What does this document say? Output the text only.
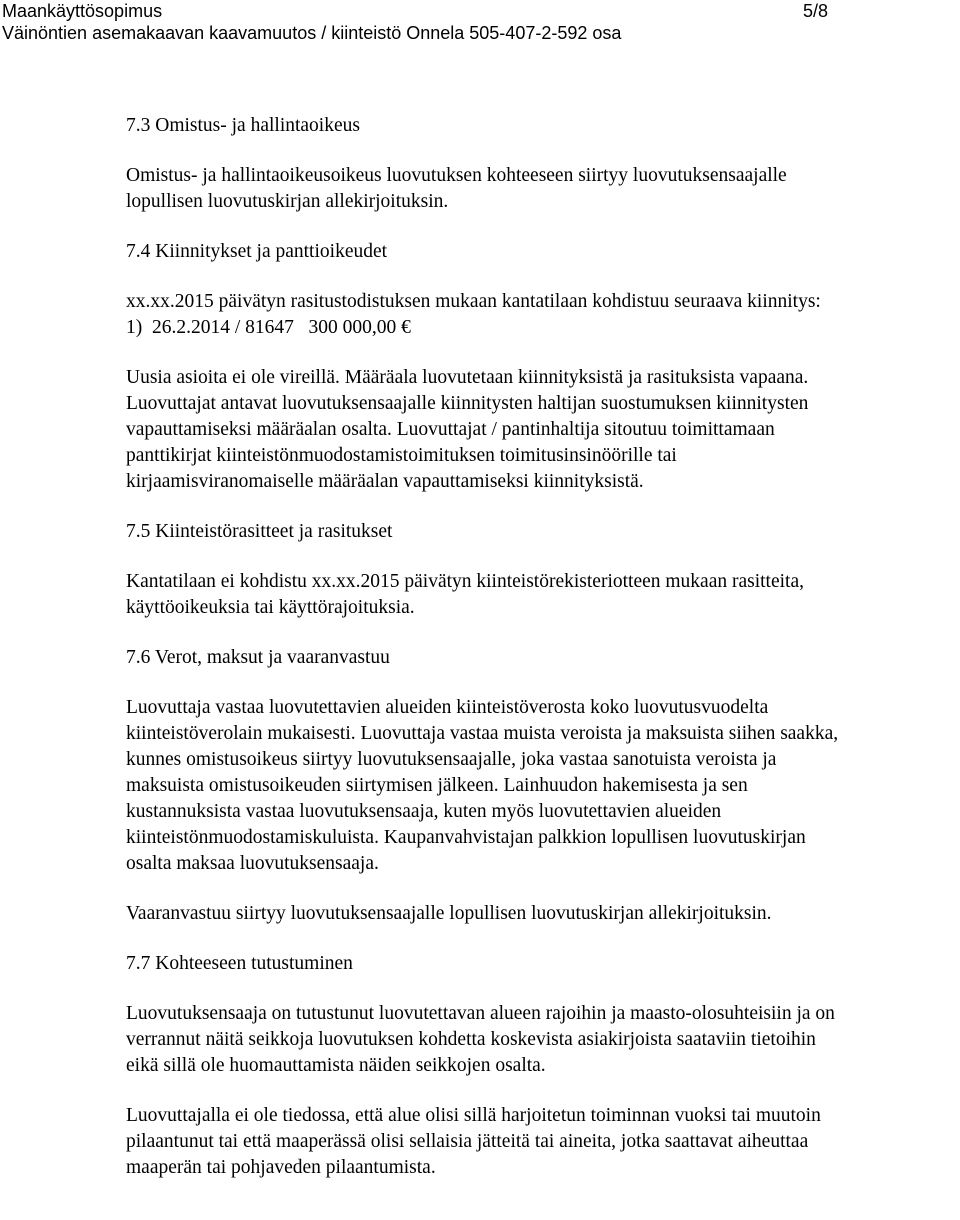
Maankäyttösopimus
Väinöntien asemakaavan kaavamuutos / kiinteistö Onnela 505-407-2-592 osa
5/8

7.3 Omistus- ja hallintaoikeus

Omistus- ja hallintaoikeusoikeus luovutuksen kohteeseen siirtyy luovutuksensaajalle
lopullisen luovutuskirjan allekirjoituksin.

7.4 Kiinnitykset ja panttioikeudet

xx.xx.2015 päivätyn rasitustodistuksen mukaan kantatilaan kohdistuu seuraava kiinnitys:
1)  26.2.2014 / 81647   300 000,00 €

Uusia asioita ei ole vireillä. Määräala luovutetaan kiinnityksistä ja rasituksista vapaana.
Luovuttajat antavat luovutuksensaajalle kiinnitysten haltijan suostumuksen kiinnitysten
vapauttamiseksi määräalan osalta. Luovuttajat / pantinhaltija sitoutuu toimittamaan
panttikirjat kiinteistönmuodostamistoimituksen toimitusinsinöörille tai
kirjaamisviranomaiselle määräalan vapauttamiseksi kiinnityksistä.

7.5 Kiinteistörasitteet ja rasitukset

Kantatilaan ei kohdistu xx.xx.2015 päivätyn kiinteistörekisteriotteen mukaan rasitteita,
käyttöoikeuksia tai käyttörajoituksia.

7.6 Verot, maksut ja vaaranvastuu

Luovuttaja vastaa luovutettavien alueiden kiinteistöverosta koko luovutusvuodelta
kiinteistöverolain mukaisesti. Luovuttaja vastaa muista veroista ja maksuista siihen saakka,
kunnes omistusoikeus siirtyy luovutuksensaajalle, joka vastaa sanotuista veroista ja
maksuista omistusoikeuden siirtymisen jälkeen. Lainhuudon hakemisesta ja sen
kustannuksista vastaa luovutuksensaaja, kuten myös luovutettavien alueiden
kiinteistönmuodostamiskuluista. Kaupanvahvistajan palkkion lopullisen luovutuskirjan
osalta maksaa luovutuksensaaja.

Vaaranvastuu siirtyy luovutuksensaajalle lopullisen luovutuskirjan allekirjoituksin.

7.7 Kohteeseen tutustuminen

Luovutuksensaaja on tutustunut luovutettavan alueen rajoihin ja maasto-olosuhteisiin ja on
verrannut näitä seikkoja luovutuksen kohdetta koskevista asiakirjoista saataviin tietoihin
eikä sillä ole huomauttamista näiden seikkojen osalta.

Luovuttajalla ei ole tiedossa, että alue olisi sillä harjoitetun toiminnan vuoksi tai muutoin
pilaantunut tai että maaperässä olisi sellaisia jätteitä tai aineita, jotka saattavat aiheuttaa
maaperän tai pohjaveden pilaantumista.
